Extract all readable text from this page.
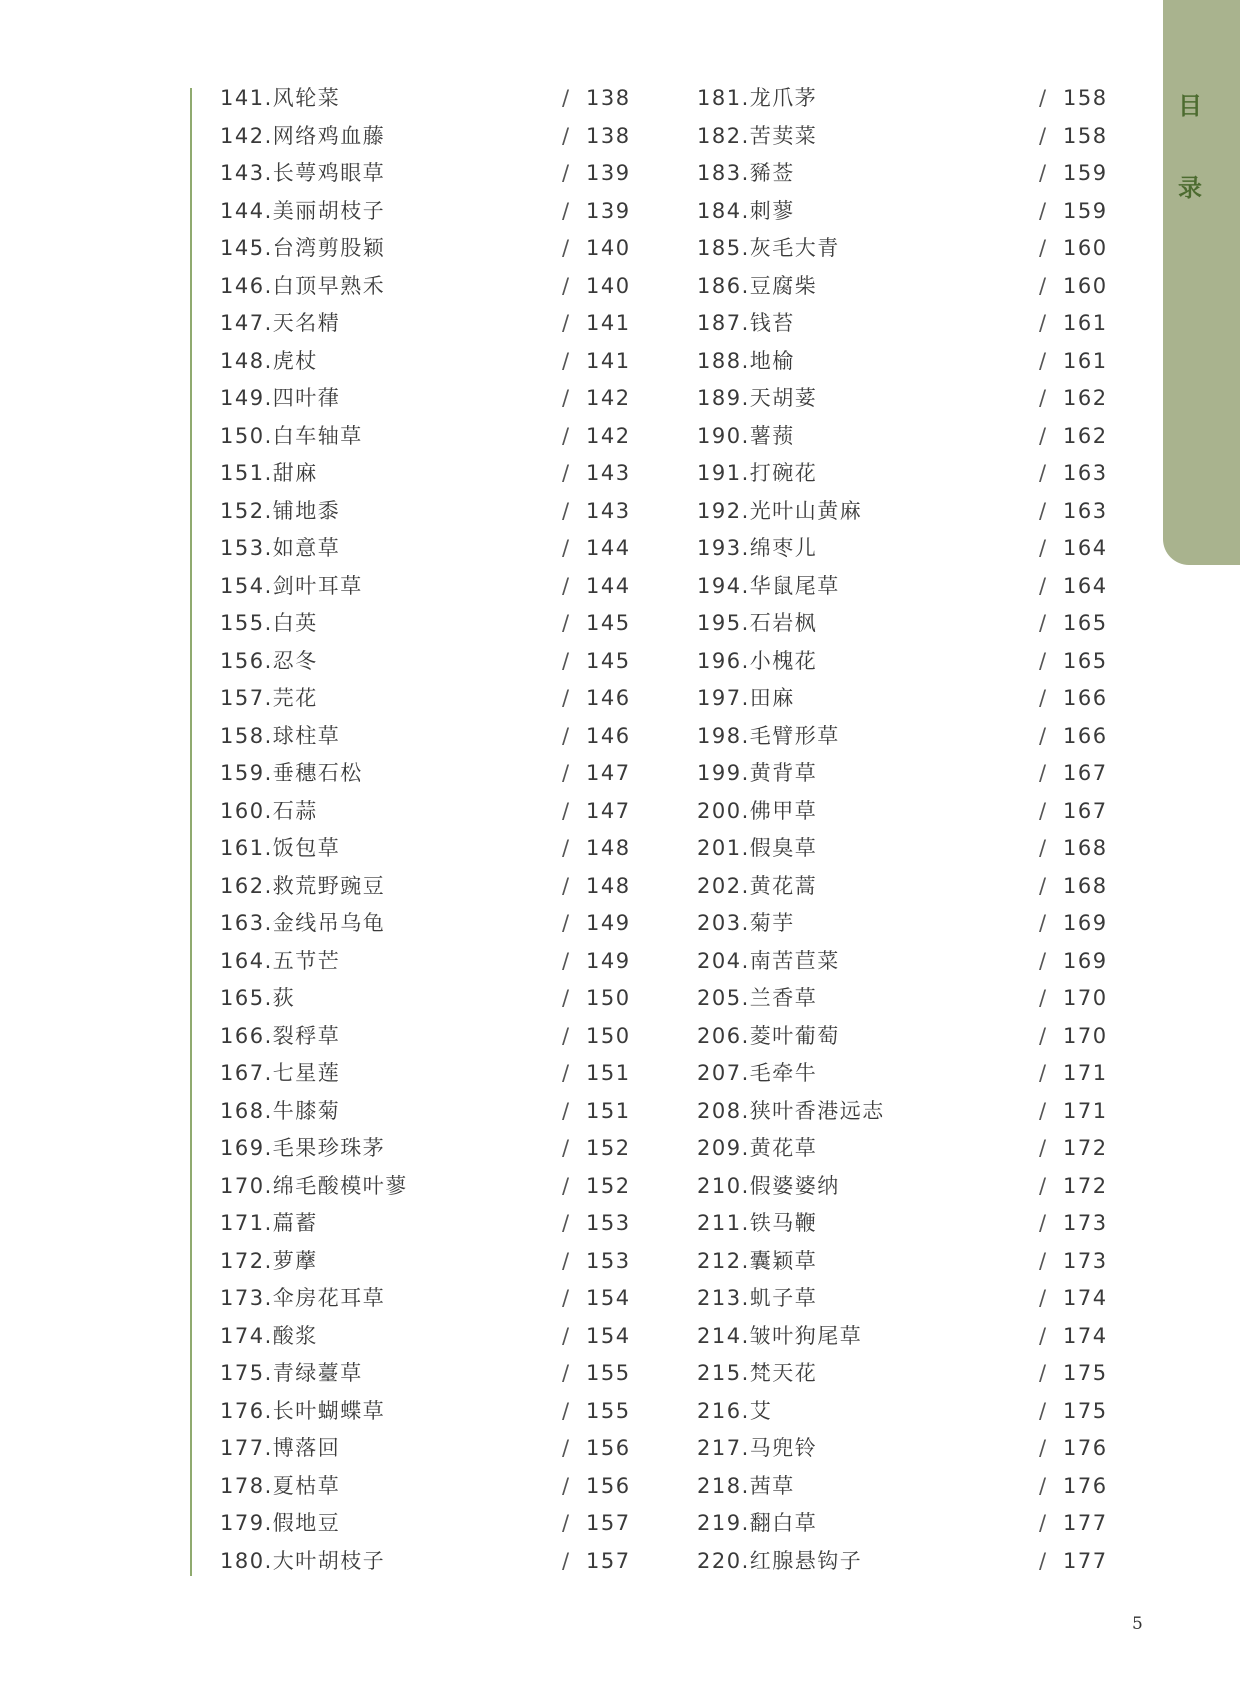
141.风轮菜	/ 138
142.网络鸡血藤	/ 138
143.长萼鸡眼草	/ 139
144.美丽胡枝子	/ 139
145.台湾剪股颖	/ 140
146.白顶早熟禾	/ 140
147.天名精	/ 141
148.虎杖	/ 141
149.四叶葎	/ 142
150.白车轴草	/ 142
151.甜麻	/ 143
152.铺地黍	/ 143
153.如意草	/ 144
154.剑叶耳草	/ 144
155.白英	/ 145
156.忍冬	/ 145
157.芫花	/ 146
158.球柱草	/ 146
159.垂穗石松	/ 147
160.石蒜	/ 147
161.饭包草	/ 148
162.救荒野豌豆	/ 148
163.金线吊乌龟	/ 149
164.五节芒	/ 149
165.荻	/ 150
166.裂稃草	/ 150
167.七星莲	/ 151
168.牛膝菊	/ 151
169.毛果珍珠茅	/ 152
170.绵毛酸模叶蓼	/ 152
171.萹蓄	/ 153
172.萝藦	/ 153
173.伞房花耳草	/ 154
174.酸浆	/ 154
175.青绿薹草	/ 155
176.长叶蝴蝶草	/ 155
177.博落回	/ 156
178.夏枯草	/ 156
179.假地豆	/ 157
180.大叶胡枝子	/ 157
181.龙爪茅	/ 158
182.苦荬菜	/ 158
183.豨莶	/ 159
184.刺蓼	/ 159
185.灰毛大青	/ 160
186.豆腐柴	/ 160
187.钱苔	/ 161
188.地榆	/ 161
189.天胡荽	/ 162
190.薯蓣	/ 162
191.打碗花	/ 163
192.光叶山黄麻	/ 163
193.绵枣儿	/ 164
194.华鼠尾草	/ 164
195.石岩枫	/ 165
196.小槐花	/ 165
197.田麻	/ 166
198.毛臂形草	/ 166
199.黄背草	/ 167
200.佛甲草	/ 167
201.假臭草	/ 168
202.黄花蒿	/ 168
203.菊芋	/ 169
204.南苦苣菜	/ 169
205.兰香草	/ 170
206.菱叶葡萄	/ 170
207.毛牵牛	/ 171
208.狭叶香港远志	/ 171
209.黄花草	/ 172
210.假婆婆纳	/ 172
211.铁马鞭	/ 173
212.囊颖草	/ 173
213.虮子草	/ 174
214.皱叶狗尾草	/ 174
215.梵天花	/ 175
216.艾	/ 175
217.马兜铃	/ 176
218.茜草	/ 176
219.翻白草	/ 177
220.红腺悬钩子	/ 177
目
录
5
